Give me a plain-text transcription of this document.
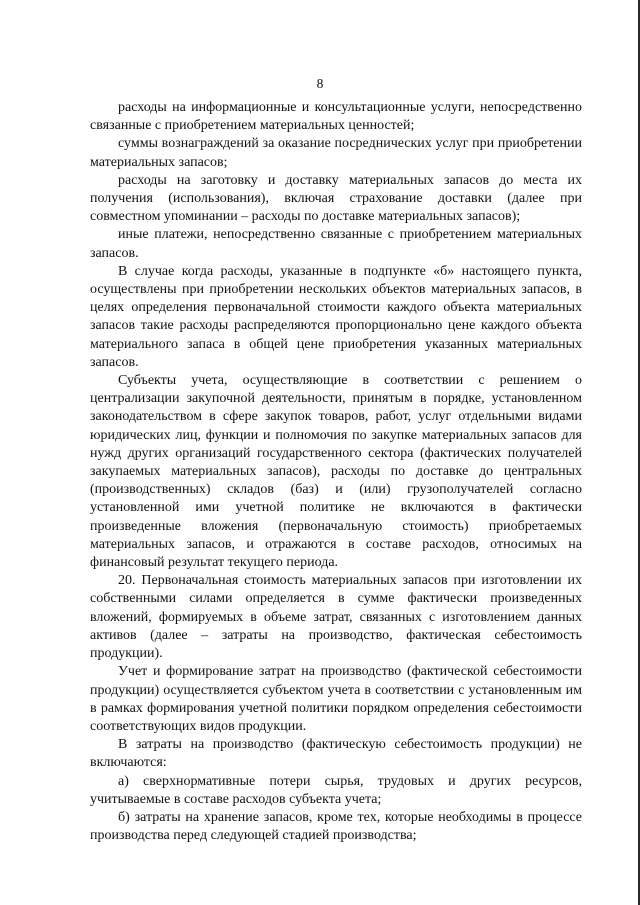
8

расходы на информационные и консультационные услуги, непосредственно связанные с приобретением материальных ценностей;

суммы вознаграждений за оказание посреднических услуг при приобретении материальных запасов;

расходы на заготовку и доставку материальных запасов до места их получения (использования), включая страхование доставки (далее при совместном упоминании – расходы по доставке материальных запасов);

иные платежи, непосредственно связанные с приобретением материальных запасов.

В случае когда расходы, указанные в подпункте «б» настоящего пункта, осуществлены при приобретении нескольких объектов материальных запасов, в целях определения первоначальной стоимости каждого объекта материальных запасов такие расходы распределяются пропорционально цене каждого объекта материального запаса в общей цене приобретения указанных материальных запасов.

Субъекты учета, осуществляющие в соответствии с решением о централизации закупочной деятельности, принятым в порядке, установленном законодательством в сфере закупок товаров, работ, услуг отдельными видами юридических лиц, функции и полномочия по закупке материальных запасов для нужд других организаций государственного сектора (фактических получателей закупаемых материальных запасов), расходы по доставке до центральных (производственных) складов (баз) и (или) грузополучателей согласно установленной ими учетной политике не включаются в фактически произведенные вложения (первоначальную стоимость) приобретаемых материальных запасов, и отражаются в составе расходов, относимых на финансовый результат текущего периода.

20. Первоначальная стоимость материальных запасов при изготовлении их собственными силами определяется в сумме фактически произведенных вложений, формируемых в объеме затрат, связанных с изготовлением данных активов (далее – затраты на производство, фактическая себестоимость продукции).

Учет и формирование затрат на производство (фактической себестоимости продукции) осуществляется субъектом учета в соответствии с установленным им в рамках формирования учетной политики порядком определения себестоимости соответствующих видов продукции.

В затраты на производство (фактическую себестоимость продукции) не включаются:

а) сверхнормативные потери сырья, трудовых и других ресурсов, учитываемые в составе расходов субъекта учета;

б) затраты на хранение запасов, кроме тех, которые необходимы в процессе производства перед следующей стадией производства;
